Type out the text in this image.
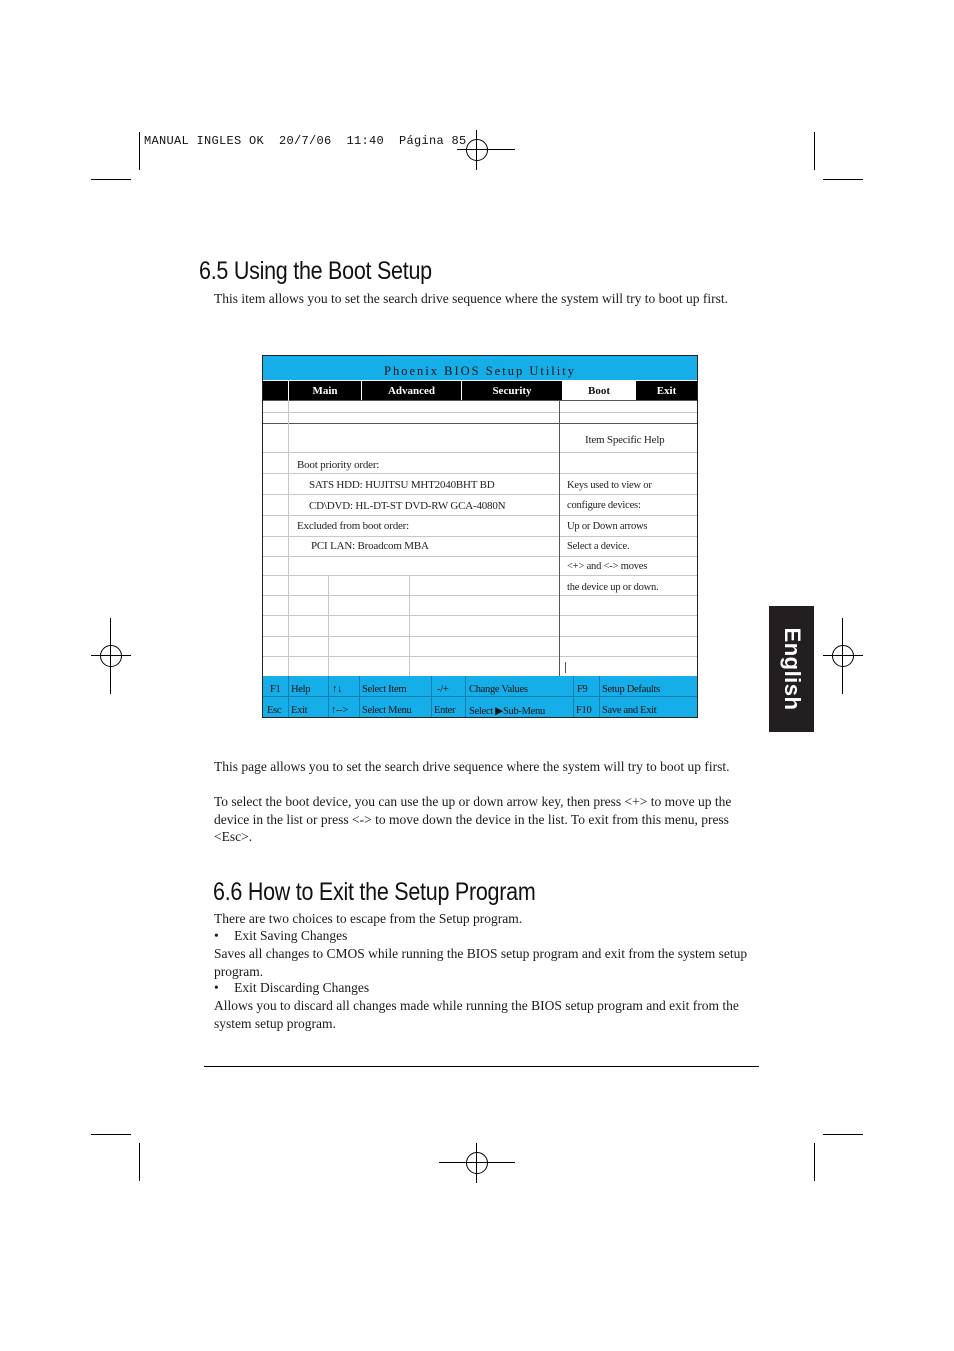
MANUAL INGLES OK  20/7/06  11:40  Página 85
6.5 Using the Boot Setup

This item allows you to set the search drive sequence where the system will try to boot up first.

Phoenix BIOS Setup Utility
Main	Advanced	Security	Boot	Exit
Item Specific Help
Boot priority order:
SATS HDD: HUJITSU MHT2040BHT BD
CD\DVD: HL-DT-ST DVD-RW GCA-4080N
Excluded from boot order:
PCI LAN: Broadcom MBA
Keys used to view or
configure devices:
Up or Down arrows
Select a device.
<+> and <-> moves
the device up or down.
F1 Help ↑↓ Select Item	-/+ Change Values	F9 Setup Defaults
Esc Exit ↑--> Select Menu Enter Select ▶Sub-Menu	F10 Save and Exit

This page allows you to set the search drive sequence where the system will try to boot up first.

To select the boot device, you can use the up or down arrow key, then press <+> to move up the device in the list or press <-> to move down the device in the list. To exit from this menu, press <Esc>.

6.6 How to Exit the Setup Program

There are two choices to escape from the Setup program.

• Exit Saving Changes

Saves all changes to CMOS while running the BIOS setup program and exit from the system setup program.

• Exit Discarding Changes

Allows you to discard all changes made while running the BIOS setup program and exit from the system setup program.

English
